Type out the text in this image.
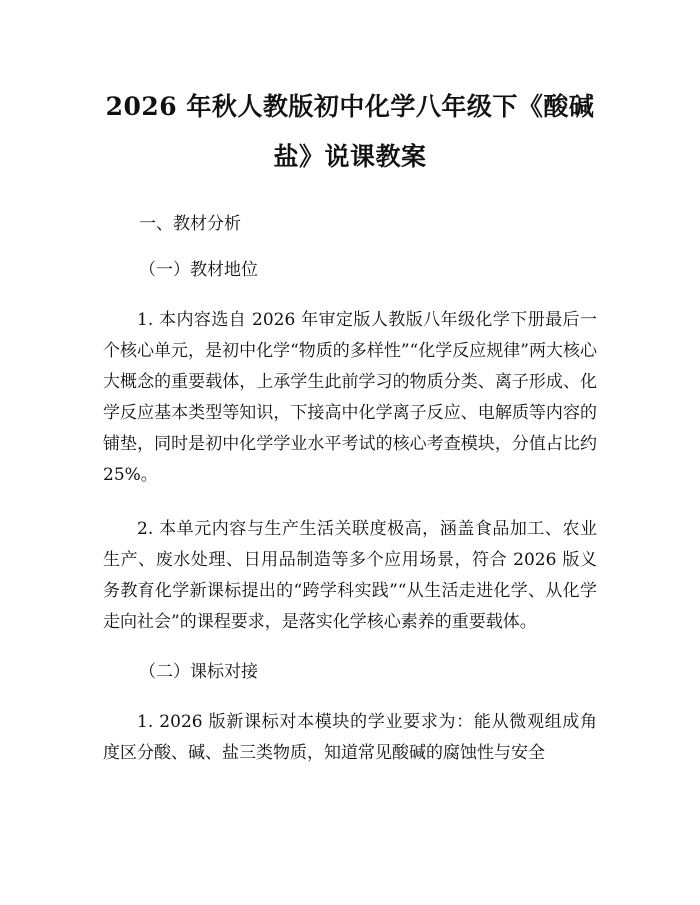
2026 年秋人教版初中化学八年级下《酸碱盐》说课教案
一、教材分析
（一）教材地位
1. 本内容选自 2026 年审定版人教版八年级化学下册最后一个核心单元，是初中化学“物质的多样性”“化学反应规律”两大核心大概念的重要载体，上承学生此前学习的物质分类、离子形成、化学反应基本类型等知识，下接高中化学离子反应、电解质等内容的铺垫，同时是初中化学学业水平考试的核心考查模块，分值占比约 25%。
2. 本单元内容与生产生活关联度极高，涵盖食品加工、农业生产、废水处理、日用品制造等多个应用场景，符合 2026 版义务教育化学新课标提出的“跨学科实践”“从生活走进化学、从化学走向社会”的课程要求，是落实化学核心素养的重要载体。
（二）课标对接
1. 2026 版新课标对本模块的学业要求为：能从微观组成角度区分酸、碱、盐三类物质，知道常见酸碱的腐蚀性与安全
